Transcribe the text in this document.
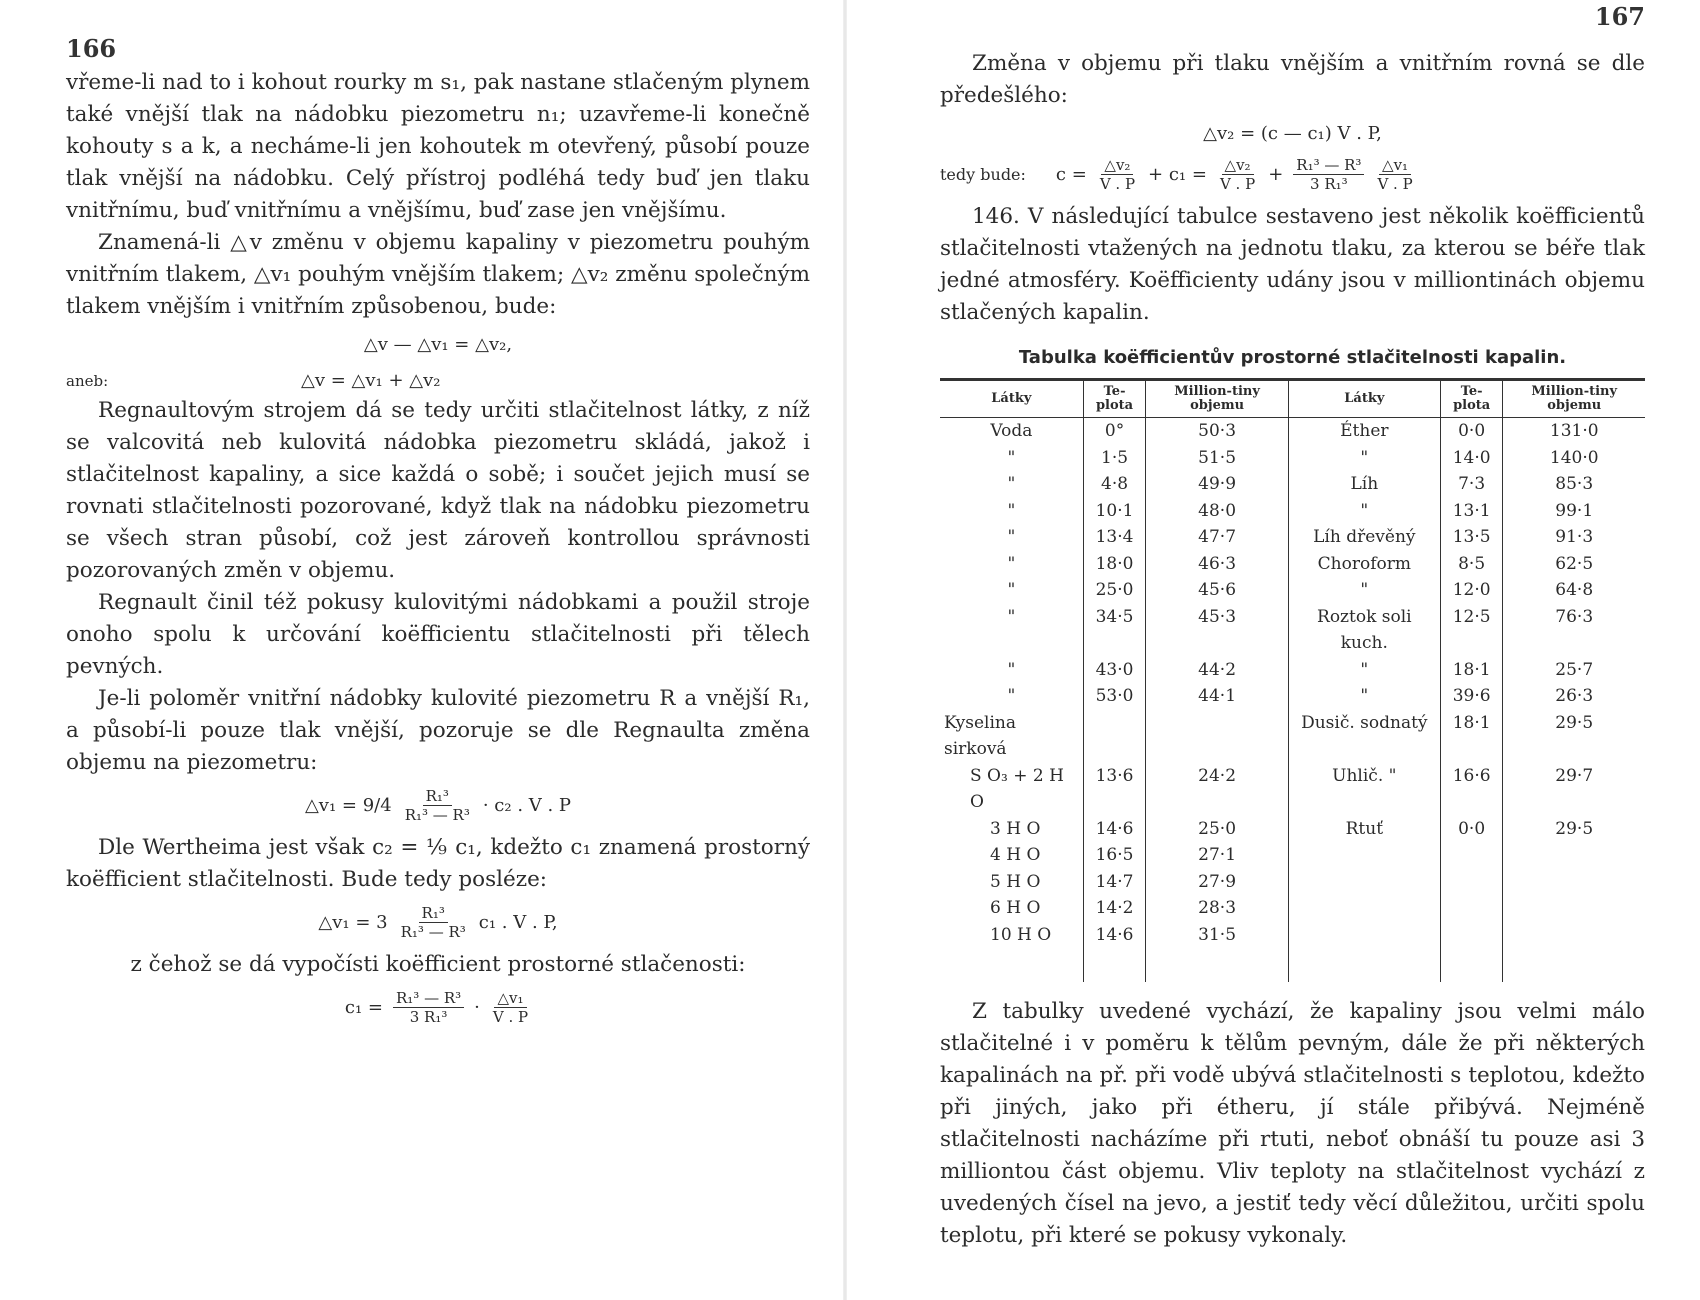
166

vřeme-li nad to i kohout rourky m s₁, pak nastane stlačeným plynem také vnější tlak na nádobku piezometru n₁; uzavřeme-li konečně kohouty s a k, a necháme-li jen kohoutek m otevřený, působí pouze tlak vnější na nádobku. Celý přístroj podléhá tedy buď jen tlaku vnitřnímu, buď vnitřnímu a vnějšímu, buď zase jen vnějšímu.

Znamená-li △v změnu v objemu kapaliny v piezometru pouhým vnitřním tlakem, △v₁ pouhým vnějším tlakem; △v₂ změnu společným tlakem vnějším i vnitřním způsobenou, bude:

△v — △v₁ = △v₂,
aneb:	△v = △v₁ + △v₂

Regnaultovým strojem dá se tedy určiti stlačitelnost látky, z níž se valcovitá neb kulovitá nádobka piezometru skládá, jakož i stlačitelnost kapaliny, a sice každá o sobě; i součet jejich musí se rovnati stlačitelnosti pozorované, když tlak na nádobku piezometru se všech stran působí, což jest zároveň kontrollou správnosti pozorovaných změn v objemu.

Regnault činil též pokusy kulovitými nádobkami a použil stroje onoho spolu k určování koëfficientu stlačitelnosti při tělech pevných.

Je-li poloměr vnitřní nádobky kulovité piezometru R a vnější R₁, a působí-li pouze tlak vnější, pozoruje se dle Regnaulta změna objemu na piezometru:

△v₁ = $9/4 \frac{\text{R₁³}}{\text{R₁³ — R³}} \cdot c_2$ . V . P

Dle Wertheima jest však c₂ = ⅑ c₁, kdežto c₁ znamená prostorný koëfficient stlačitelnosti. Bude tedy posléze:

△v₁ = $3 \frac{\text{R₁³}}{\text{R₁³ — R³}} c_1$ . V . P,

z čehož se dá vypočísti koëfficient prostorné stlačenosti:

$c_1 = \frac{\text{R₁³ — R³}}{\text{3 R₁³}} \cdot \frac{\text{△v₁}}{V . P}$
167

Změna v objemu při tlaku vnějším a vnitřním rovná se dle předešlého:

△v₂ = (c — c₁) V . P,
tedy bude: $c = \frac{\text{△v₂}}{V . P} + c_1 = \frac{\text{△v₂}}{V . P} + \frac{\text{R₁³ — R³}}{\text{3 R₁³}} \frac{\text{△v₁}}{V . P}$

146. V následující tabulce sestaveno jest několik koëfficientů stlačitelnosti vtažených na jednotu tlaku, za kterou se béře tlak jedné atmosféry. Koëfficienty udány jsou v milliontinách objemu stlačených kapalin.

Tabulka koëfficientův prostorné stlačitelnosti kapalin.
Látky	Te-plota	Million-tiny objemu	Látky	Te-plota	Million-tiny objemu
Voda	0°	50·3	Éther	0·0	131·0
"	1·5	51·5	"	14·0	140·0
"	4·8	49·9	Líh	7·3	85·3
"	10·1	48·0	"	13·1	99·1
"	13·4	47·7	Líh dřevěný	13·5	91·3
"	18·0	46·3	Choroform	8·5	62·5
"	25·0	45·6	"	12·0	64·8
"	34·5	45·3	Roztok soli kuch.	12·5	76·3
"	43·0	44·2	"	18·1	25·7
"	53·0	44·1	"	39·6	26·3
Kyselina sirková			Dusič. sodnatý	18·1	29·5
S O₃ + 2 H O	13·6	24·2	Uhlič. "	16·6	29·7
3 H O	14·6	25·0	Rtuť	0·0	29·5
4 H O	16·5	27·1			
5 H O	14·7	27·9			
6 H O	14·2	28·3			
10 H O	14·6	31·5			

Z tabulky uvedené vychází, že kapaliny jsou velmi málo stlačitelné i v poměru k tělům pevným, dále že při některých kapalinách na př. při vodě ubývá stlačitelnosti s teplotou, kdežto při jiných, jako při étheru, jí stále přibývá. Nejméně stlačitelnosti nacházíme při rtuti, neboť obnáší tu pouze asi 3 milliontou část objemu. Vliv teploty na stlačitelnost vychází z uvedených čísel na jevo, a jestiť tedy věcí důležitou, určiti spolu teplotu, při které se pokusy vykonaly.
